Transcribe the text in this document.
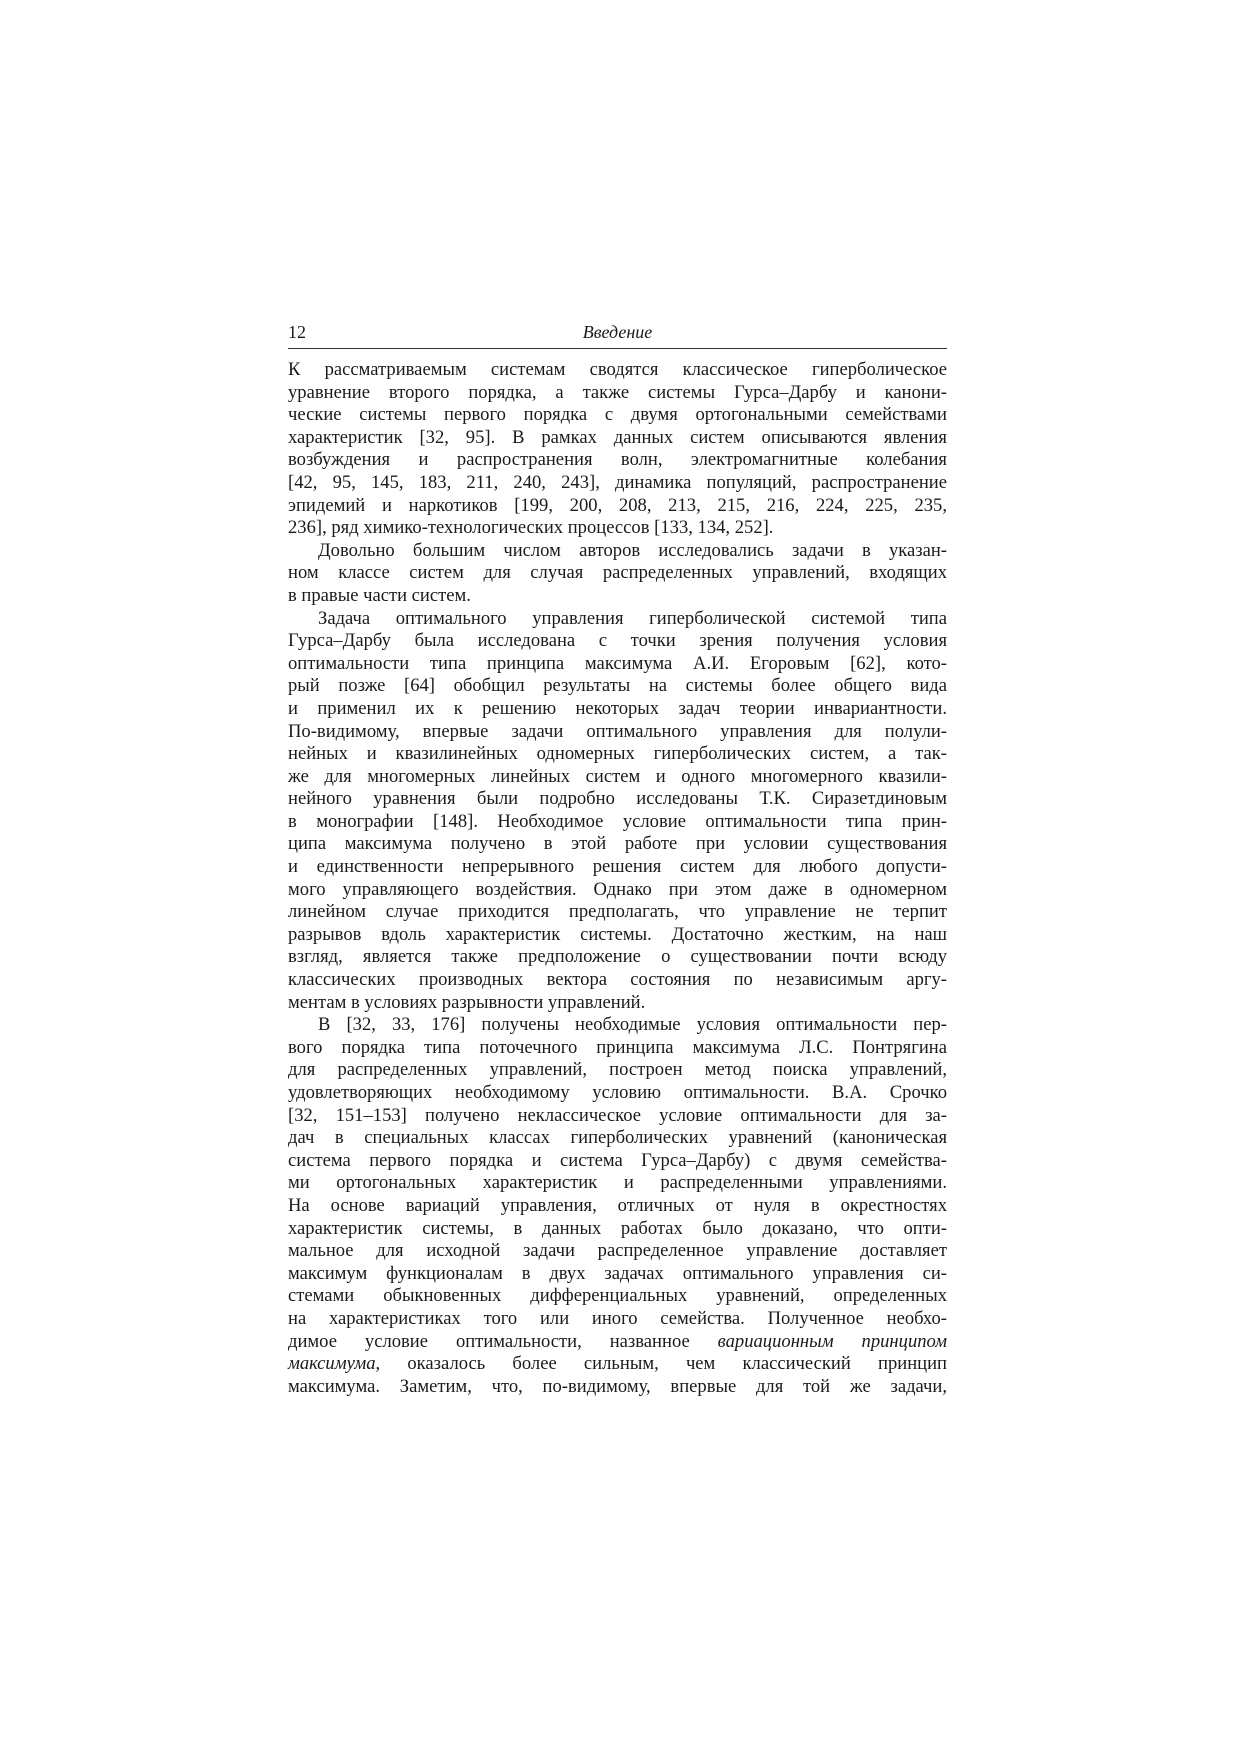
12	Введение
К рассматриваемым системам сводятся классическое гиперболическое
уравнение второго порядка, а также системы Гурса–Дарбу и канони-
ческие системы первого порядка с двумя ортогональными семействами
характеристик [32, 95]. В рамках данных систем описываются явления
возбуждения и распространения волн, электромагнитные колебания
[42, 95, 145, 183, 211, 240, 243], динамика популяций, распространение
эпидемий и наркотиков [199, 200, 208, 213, 215, 216, 224, 225, 235,
236], ряд химико-технологических процессов [133, 134, 252].
Довольно большим числом авторов исследовались задачи в указан-
ном классе систем для случая распределенных управлений, входящих
в правые части систем.
Задача оптимального управления гиперболической системой типа
Гурса–Дарбу была исследована с точки зрения получения условия
оптимальности типа принципа максимума А.И. Егоровым [62], кото-
рый позже [64] обобщил результаты на системы более общего вида
и применил их к решению некоторых задач теории инвариантности.
По-видимому, впервые задачи оптимального управления для полули-
нейных и квазилинейных одномерных гиперболических систем, а так-
же для многомерных линейных систем и одного многомерного квазили-
нейного уравнения были подробно исследованы Т.К. Сиразетдиновым
в монографии [148]. Необходимое условие оптимальности типа прин-
ципа максимума получено в этой работе при условии существования
и единственности непрерывного решения систем для любого допусти-
мого управляющего воздействия. Однако при этом даже в одномерном
линейном случае приходится предполагать, что управление не терпит
разрывов вдоль характеристик системы. Достаточно жестким, на наш
взгляд, является также предположение о существовании почти всюду
классических производных вектора состояния по независимым аргу-
ментам в условиях разрывности управлений.
В [32, 33, 176] получены необходимые условия оптимальности пер-
вого порядка типа поточечного принципа максимума Л.С. Понтрягина
для распределенных управлений, построен метод поиска управлений,
удовлетворяющих необходимому условию оптимальности. В.А. Срочко
[32, 151–153] получено неклассическое условие оптимальности для за-
дач в специальных классах гиперболических уравнений (каноническая
система первого порядка и система Гурса–Дарбу) с двумя семейства-
ми ортогональных характеристик и распределенными управлениями.
На основе вариаций управления, отличных от нуля в окрестностях
характеристик системы, в данных работах было доказано, что опти-
мальное для исходной задачи распределенное управление доставляет
максимум функционалам в двух задачах оптимального управления си-
стемами обыкновенных дифференциальных уравнений, определенных
на характеристиках того или иного семейства. Полученное необхо-
димое условие оптимальности, названное вариационным принципом
максимума, оказалось более сильным, чем классический принцип
максимума. Заметим, что, по-видимому, впервые для той же задачи,
